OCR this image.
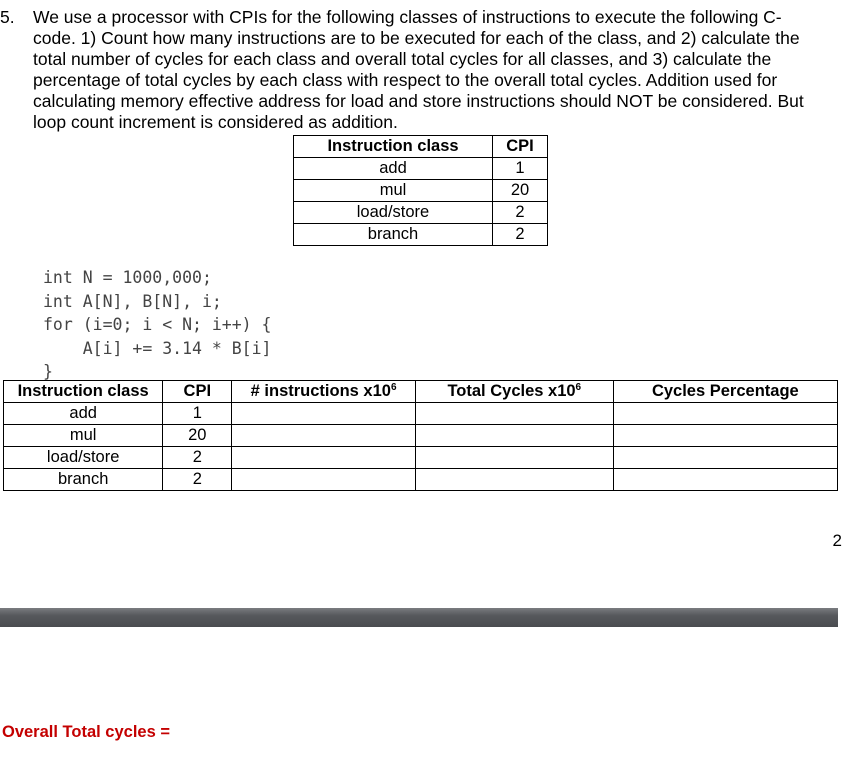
5. We use a processor with CPIs for the following classes of instructions to execute the following C-
code. 1) Count how many instructions are to be executed for each of the class, and 2) calculate the
total number of cycles for each class and overall total cycles for all classes, and 3) calculate the
percentage of total cycles by each class with respect to the overall total cycles. Addition used for
calculating memory effective address for load and store instructions should NOT be considered. But
loop count increment is considered as addition.
Instruction class	CPI
add	1
mul	20
load/store	2
branch	2
int N = 1000,000;
int A[N], B[N], i;
for (i=0; i < N; i++) {
A[i] += 3.14 * B[i]
}
Instruction class	CPI	# instructions $x10^6$	Total Cycles $x10^6$	Cycles Percentage
add	1			
mul	20			
load/store	2			
branch	2			
2
Overall Total cycles =
